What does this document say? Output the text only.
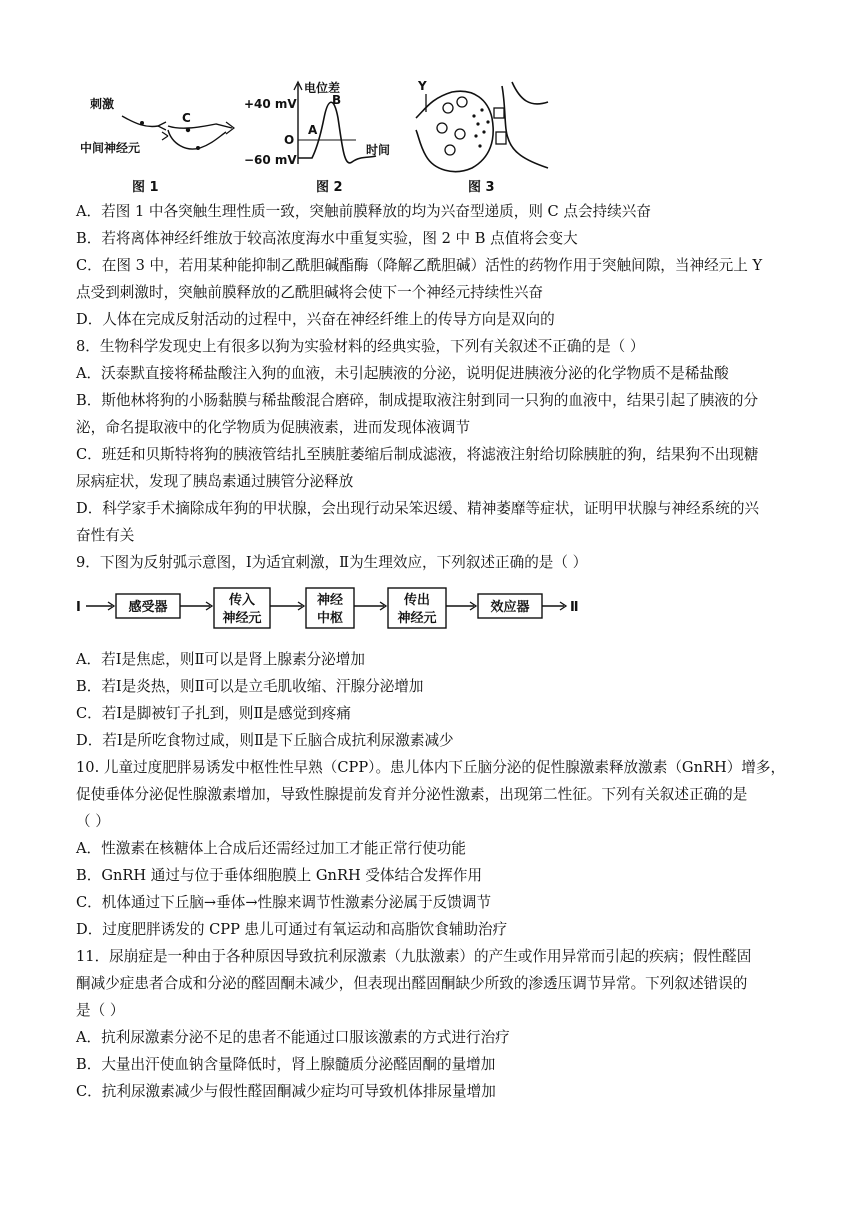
刺激
C
中间神经元
图 1
电位差
+40 mV
−60 mV
O
A
B
时间
图 2
Y
图 3
A．若图 1 中各突触生理性质一致，突触前膜释放的均为兴奋型递质，则 C 点会持续兴奋
B．若将离体神经纤维放于较高浓度海水中重复实验，图 2 中 B 点值将会变大
C．在图 3 中，若用某种能抑制乙酰胆碱酯酶（降解乙酰胆碱）活性的药物作用于突触间隙，当神经元上 Y
点受到刺激时，突触前膜释放的乙酰胆碱将会使下一个神经元持续性兴奋
D．人体在完成反射活动的过程中，兴奋在神经纤维上的传导方向是双向的
8．生物科学发现史上有很多以狗为实验材料的经典实验，下列有关叙述不正确的是（ ）
A．沃泰默直接将稀盐酸注入狗的血液，未引起胰液的分泌，说明促进胰液分泌的化学物质不是稀盐酸
B．斯他林将狗的小肠黏膜与稀盐酸混合磨碎，制成提取液注射到同一只狗的血液中，结果引起了胰液的分
泌，命名提取液中的化学物质为促胰液素，进而发现体液调节
C．班廷和贝斯特将狗的胰液管结扎至胰脏萎缩后制成滤液，将滤液注射给切除胰脏的狗，结果狗不出现糖
尿病症状，发现了胰岛素通过胰管分泌释放
D．科学家手术摘除成年狗的甲状腺，会出现行动呆笨迟缓、精神萎靡等症状，证明甲状腺与神经系统的兴
奋性有关
9．下图为反射弧示意图，Ⅰ为适宜刺激，Ⅱ为生理效应，下列叙述正确的是（ ）
Ⅰ	感受器	传入
神经元
神经
中枢
传出
神经元
效应器	Ⅱ
A．若Ⅰ是焦虑，则Ⅱ可以是肾上腺素分泌增加
B．若Ⅰ是炎热，则Ⅱ可以是立毛肌收缩、汗腺分泌增加
C．若Ⅰ是脚被钉子扎到，则Ⅱ是感觉到疼痛
D．若Ⅰ是所吃食物过咸，则Ⅱ是下丘脑合成抗利尿激素减少
10. 儿童过度肥胖易诱发中枢性性早熟（CPP）。患儿体内下丘脑分泌的促性腺激素释放激素（GnRH）增多，
促使垂体分泌促性腺激素增加，导致性腺提前发育并分泌性激素，出现第二性征。下列有关叙述正确的是
（ ）
A．性激素在核糖体上合成后还需经过加工才能正常行使功能
B．GnRH 通过与位于垂体细胞膜上 GnRH 受体结合发挥作用
C．机体通过下丘脑→垂体→性腺来调节性激素分泌属于反馈调节
D．过度肥胖诱发的 CPP 患儿可通过有氧运动和高脂饮食辅助治疗
11．尿崩症是一种由于各种原因导致抗利尿激素（九肽激素）的产生或作用异常而引起的疾病；假性醛固
酮减少症患者合成和分泌的醛固酮未减少，但表现出醛固酮缺少所致的渗透压调节异常。下列叙述错误的
是（ ）
A．抗利尿激素分泌不足的患者不能通过口服该激素的方式进行治疗
B．大量出汗使血钠含量降低时，肾上腺髓质分泌醛固酮的量增加
C．抗利尿激素减少与假性醛固酮减少症均可导致机体排尿量增加
